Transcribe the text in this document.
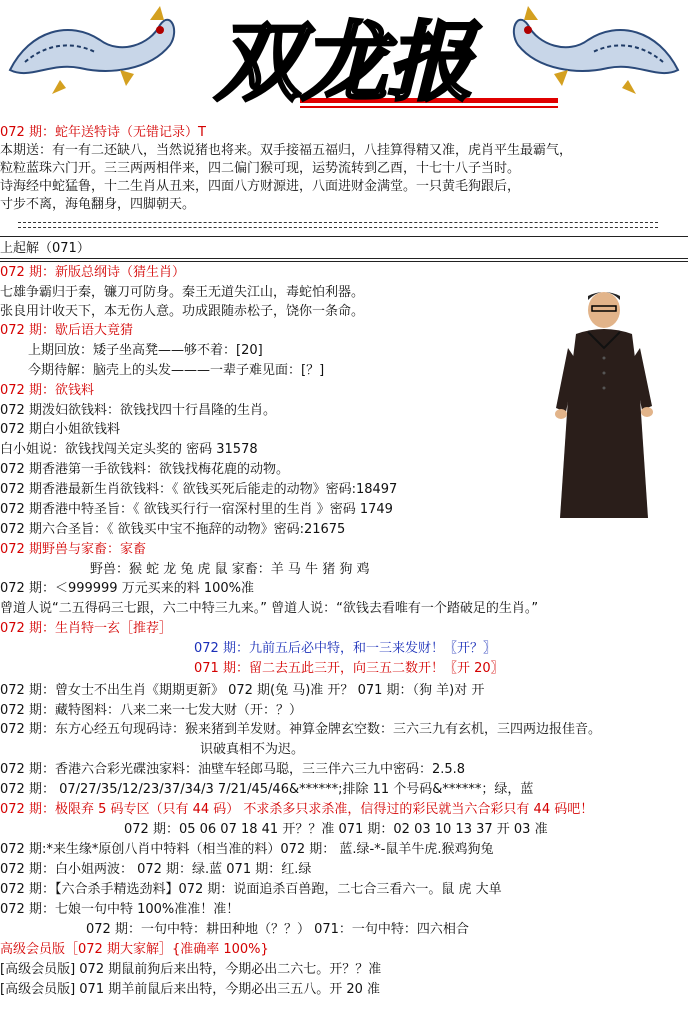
双龙报
072 期：蛇年送特诗（无错记录）T
本期送：有一有二还缺八，当然说猪也将来。双手接福五福归，八挂算得精又准，虎肖平生最霸气，
粒粒蓝珠六门开。三三两两相伴来，四二偏门猴可现，运势流转到乙酉，十七十八子当时。
诗海经中蛇猛鲁，十二生肖从丑来，四面八方财源进，八面进财金满堂。一只黄毛狗跟后，
寸步不离，海龟翻身，四脚朝天。
上起解（071）
072 期：新版总纲诗（猜生肖）
七雄争霸归于秦，镰刀可防身。秦王无道失江山，毒蛇怕利器。
张良用计收天下，本无伤人意。功成跟随赤松子，饶你一条命。
072 期：歇后语大竟猜
上期回放：矮子坐高凳——够不着：[20]
今期待解：脑壳上的头发———一辈子难见面：[？]
072 期：欲钱料
072 期泼妇欲钱料：欲钱找四十行昌隆的生肖。
072 期白小姐欲钱料
白小姐说：欲钱找闯关定头奖的 密码 31578
072 期香港第一手欲钱料：欲钱找梅花鹿的动物。
072 期香港最新生肖欲钱料：《 欲钱买死后能走的动物》密码:18497
072 期香港中特圣旨：《 欲钱买行行一宿深村里的生肖 》密码 1749
072 期六合圣旨：《 欲钱买中宝不拖辞的动物》密码:21675
072 期野兽与家畜：家畜
野兽：猴 蛇 龙 兔 虎 鼠 家畜：羊 马 牛 猪 狗 鸡
072 期：＜999999 万元买来的料 100%准
曾道人说“二五得码三七跟，六二中特三九来。” 曾道人说：“欲钱去看唯有一个踏破足的生肖。”
072 期：生肖特一玄［推荐］
072 期：九前五后必中特，和一三来发财！〖开？〗
071 期：留二去五此三开，向三五二数开！〖开 20〗
072 期：曾女士不出生肖《期期更新》 072 期(兔 马)准 开？ 071 期：（狗 羊)对 开
072 期：藏特图料：八来二来一七发大财（开：？）
072 期：东方心经五句现码诗：猴来猪到羊发财。神算金牌玄空数：三六三九有玄机，三四两边报佳音。
识破真相不为迟。
072 期：香港六合彩光碟浊家料：油壁车轻郎马聪，三三伴六三九中密码：2.5.8
072 期： 07/27/35/12/23/37/34/3 7/21/45/46&******;排除 11 个号码&******；绿，蓝
072 期：极限弃 5 码专区（只有 44 码） 不求杀多只求杀准，信得过的彩民就当六合彩只有 44 码吧！
072 期：05 06 07 18 41 开？？准 071 期：02 03 10 13 37 开 03 准
072 期:*来生缘*原创八肖中特料（相当准的料）072 期： 蓝.绿-*-鼠羊牛虎.猴鸡狗兔
072 期：白小姐两波： 072 期：绿.蓝 071 期：红.绿
072 期：【六合杀手精选劲料】072 期：说面追杀百兽跑，二七合三看六一。鼠 虎 大单
072 期：七娘一句中特 100%准准！准！
072 期：一句中特：耕田种地（？？） 071：一句中特：四六相合
高级会员版［072 期大家解］{准确率 100%}
[高级会员版] 072 期鼠前狗后来出特，今期必出二六七。开？？准
[高级会员版] 071 期羊前鼠后来出特，今期必出三五八。开 20 准
